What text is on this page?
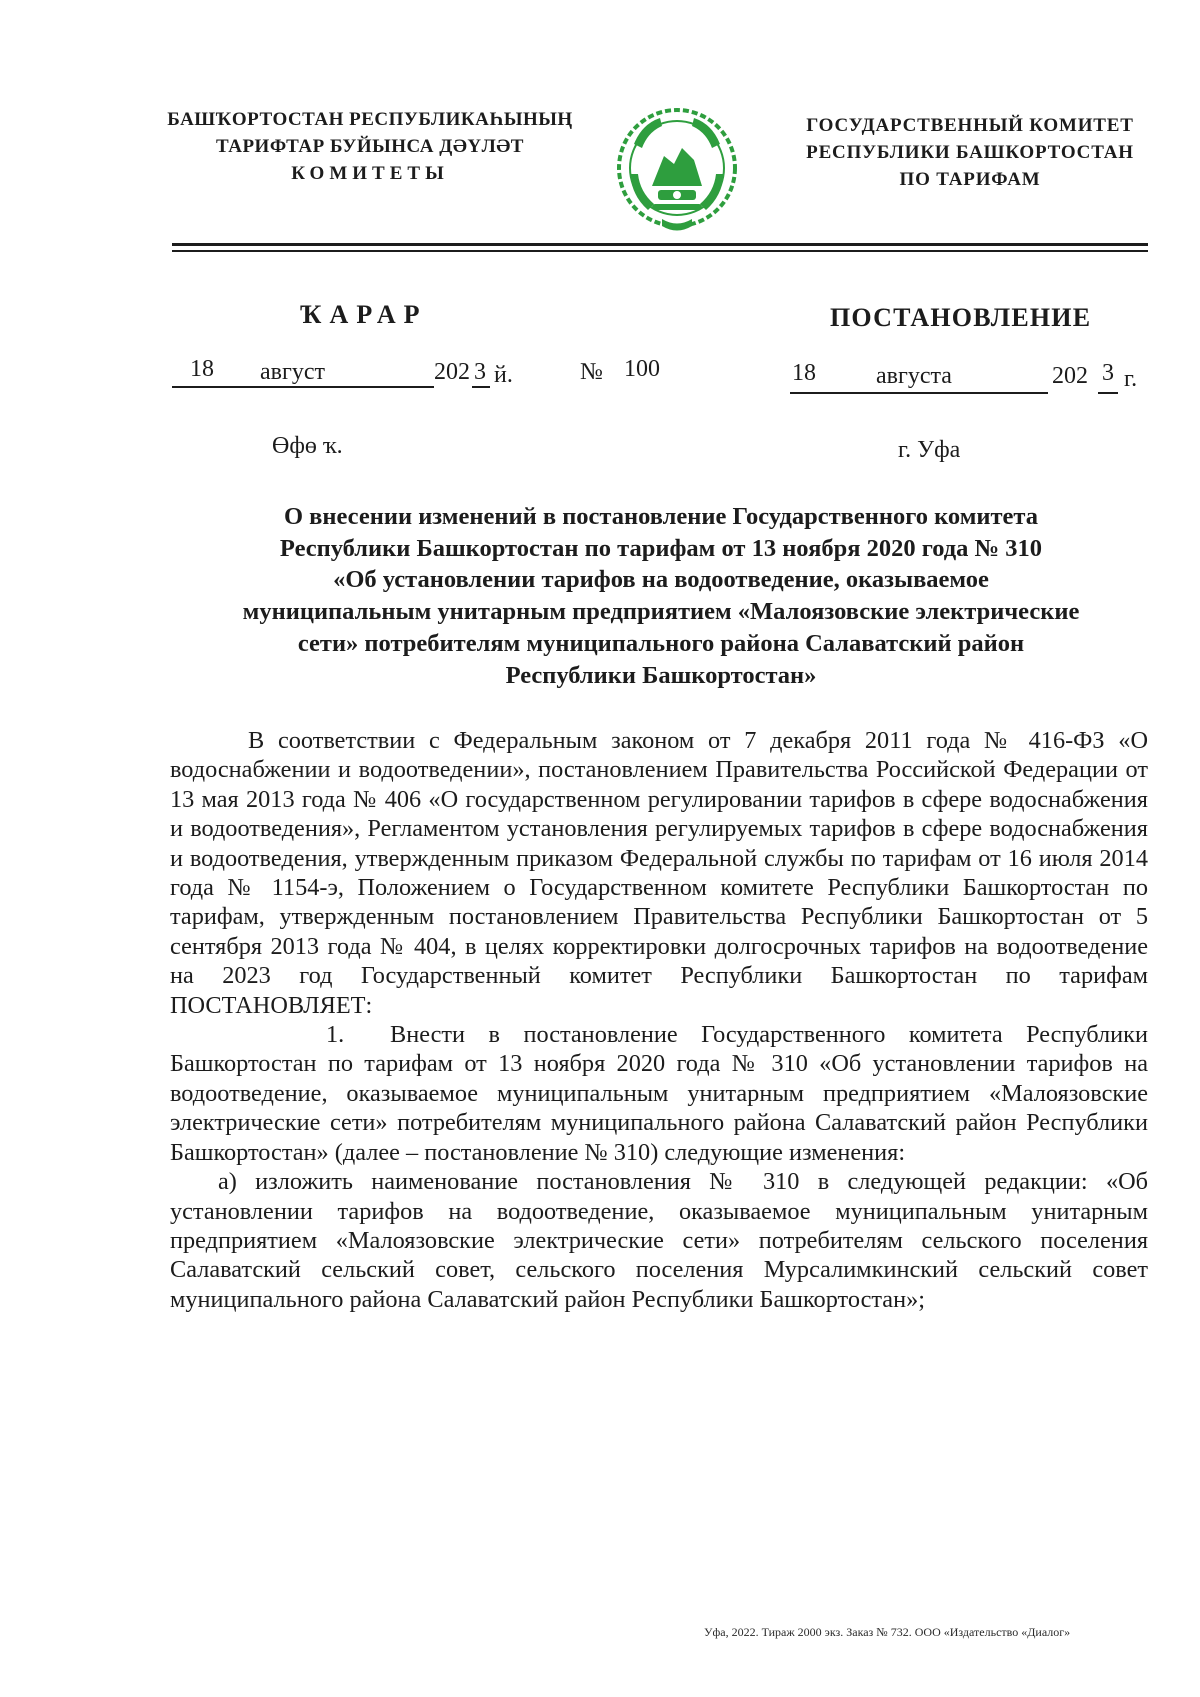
БАШҠОРТОСТАН РЕСПУБЛИКАҺЫНЫҢ
ТАРИФТАР БУЙЫНСА ДӘҮЛӘТ
КОМИТЕТЫ
ГОСУДАРСТВЕННЫЙ КОМИТЕТ
РЕСПУБЛИКИ БАШКОРТОСТАН
ПО ТАРИФАМ
ҠАРАР	ПОСТАНОВЛЕНИЕ
18 август	202 3 й.	№ 100	18	августа	202 3 г.
Өфө ҡ.	г. Уфа
О внесении изменений в постановление Государственного комитета
Республики Башкортостан по тарифам от 13 ноября 2020 года № 310
«Об установлении тарифов на водоотведение, оказываемое
муниципальным унитарным предприятием «Малоязовские электрические
сети» потребителям муниципального района Салаватский район
Республики Башкортостан»

В соответствии с Федеральным законом от 7 декабря 2011 года № 416-ФЗ «О водоснабжении и водоотведении», постановлением Правительства Российской Федерации от 13 мая 2013 года № 406 «О государственном регулировании тарифов в сфере водоснабжения и водоотведения», Регламентом установления регулируемых тарифов в сфере водоснабжения и водоотведения, утвержденным приказом Федеральной службы по тарифам от 16 июля 2014 года № 1154-э, Положением о Государственном комитете Республики Башкортостан по тарифам, утвержденным постановлением Правительства Республики Башкортостан от 5 сентября 2013 года № 404, в целях корректировки долгосрочных тарифов на водоотведение на 2023 год Государственный комитет Республики Башкортостан по тарифам ПОСТАНОВЛЯЕТ:

1. Внести в постановление Государственного комитета Республики Башкортостан по тарифам от 13 ноября 2020 года № 310 «Об установлении тарифов на водоотведение, оказываемое муниципальным унитарным предприятием «Малоязовские электрические сети» потребителям муниципального района Салаватский район Республики Башкортостан» (далее – постановление № 310) следующие изменения:

а) изложить наименование постановления № 310 в следующей редакции: «Об установлении тарифов на водоотведение, оказываемое муниципальным унитарным предприятием «Малоязовские электрические сети» потребителям сельского поселения Салаватский сельский совет, сельского поселения Мурсалимкинский сельский совет муниципального района Салаватский район Республики Башкортостан»;

Уфа, 2022. Тираж 2000 экз. Заказ № 732. ООО «Издательство «Диалог»
